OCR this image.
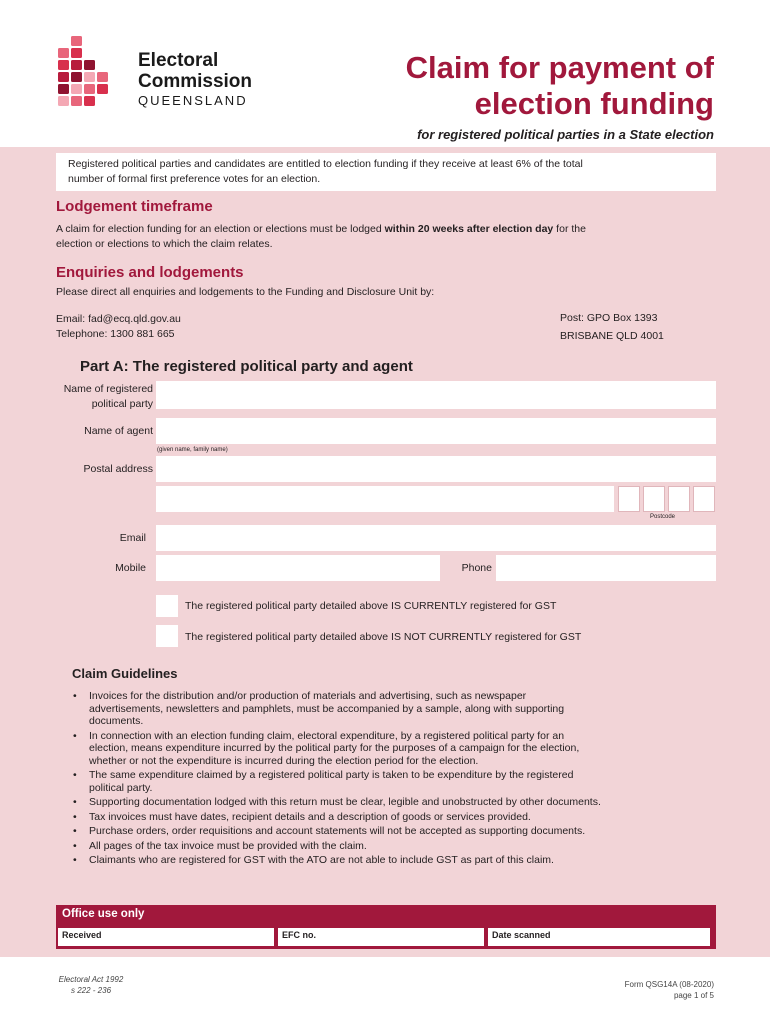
Electoral
Commission
QUEENSLAND
Claim for payment of
election funding
for registered political parties in a State election
Registered political parties and candidates are entitled to election funding if they receive at least 6% of the total
number of formal first preference votes for an election.
Lodgement timeframe
A claim for election funding for an election or elections must be lodged within 20 weeks after election day for the
election or elections to which the claim relates.
Enquiries and lodgements
Please direct all enquiries and lodgements to the Funding and Disclosure Unit by:
Email: fad@ecq.qld.gov.au
Telephone: 1300 881 665
Post: GPO Box 1393
BRISBANE QLD 4001
Part A: The registered political party and agent
Name of registered
political party
Name of agent
(given name, family name)
Postal address
Postcode
Email
Mobile	Phone
The registered political party detailed above IS CURRENTLY registered for GST
The registered political party detailed above IS NOT CURRENTLY registered for GST
Claim Guidelines
• Invoices for the distribution and/or production of materials and advertising, such as newspaper
advertisements, newsletters and pamphlets, must be accompanied by a sample, along with supporting
documents.
• In connection with an election funding claim, electoral expenditure, by a registered political party for an
election, means expenditure incurred by the political party for the purposes of a campaign for the election,
whether or not the expenditure is incurred during the election period for the election.
• The same expenditure claimed by a registered political party is taken to be expenditure by the registered
political party.
• Supporting documentation lodged with this return must be clear, legible and unobstructed by other documents.
• Tax invoices must have dates, recipient details and a description of goods or services provided.
• Purchase orders, order requisitions and account statements will not be accepted as supporting documents.
• All pages of the tax invoice must be provided with the claim.
• Claimants who are registered for GST with the ATO are not able to include GST as part of this claim.
Office use only
Received	EFC no.	Date scanned
Electoral Act 1992
s 222 - 236
Form QSG14A (08-2020)
page 1 of 5
